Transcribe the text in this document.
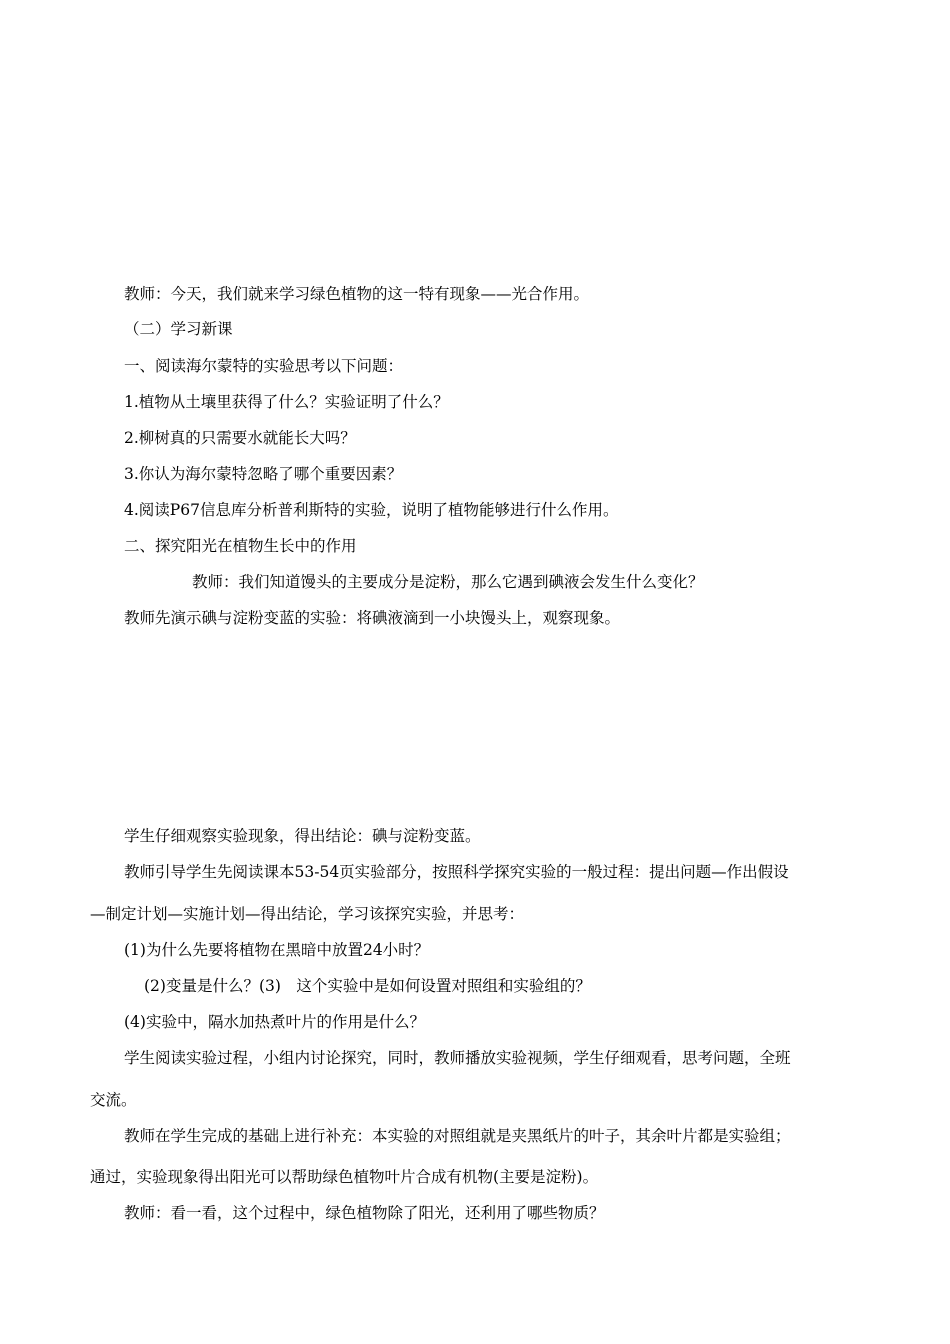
教师：今天，我们就来学习绿色植物的这一特有现象——光合作用。

（二）学习新课

一、阅读海尔蒙特的实验思考以下问题：

1.植物从土壤里获得了什么？实验证明了什么？

2.柳树真的只需要水就能长大吗？

3.你认为海尔蒙特忽略了哪个重要因素？

4.阅读P67信息库分析普利斯特的实验，说明了植物能够进行什么作用。

二、探究阳光在植物生长中的作用

教师：我们知道馒头的主要成分是淀粉，那么它遇到碘液会发生什么变化？

教师先演示碘与淀粉变蓝的实验：将碘液滴到一小块馒头上，观察现象。

学生仔细观察实验现象，得出结论：碘与淀粉变蓝。

教师引导学生先阅读课本53-54页实验部分，按照科学探究实验的一般过程：提出问题—作出假设

—制定计划—实施计划—得出结论，学习该探究实验，并思考：

(1)为什么先要将植物在黑暗中放置24小时？

(2)变量是什么？(3)　这个实验中是如何设置对照组和实验组的？

(4)实验中，隔水加热煮叶片的作用是什么？

学生阅读实验过程，小组内讨论探究，同时，教师播放实验视频，学生仔细观看，思考问题，全班

交流。

教师在学生完成的基础上进行补充：本实验的对照组就是夹黑纸片的叶子，其余叶片都是实验组；

通过，实验现象得出阳光可以帮助绿色植物叶片合成有机物(主要是淀粉)。

教师：看一看，这个过程中，绿色植物除了阳光，还利用了哪些物质？
